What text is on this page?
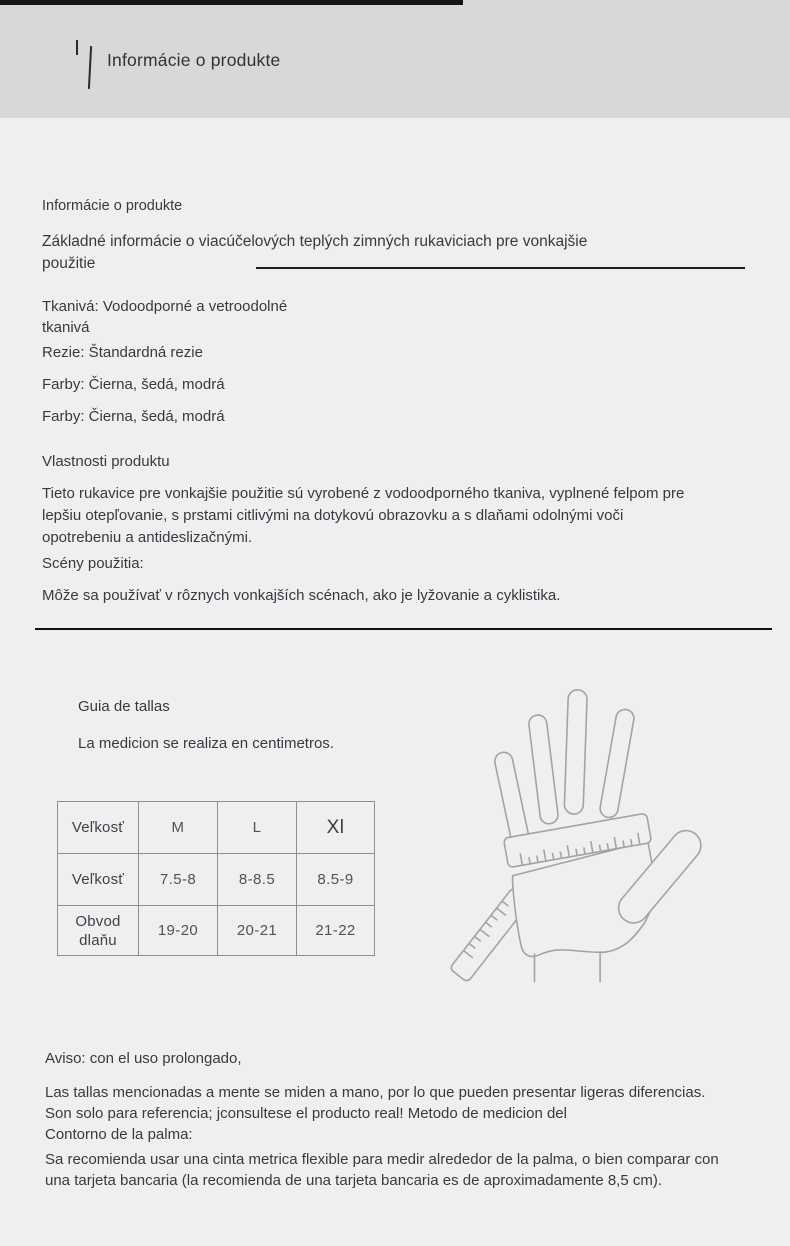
Informácie o produkte
Informácie o produkte
Základné informácie o viacúčelových teplých zimných rukaviciach pre vonkajšie
použitie
Tkanivá: Vodoodporné a vetroodolné
tkanivá
Rezie: Štandardná rezie
Farby: Čierna, šedá, modrá
Farby: Čierna, šedá, modrá
Vlastnosti produktu
Tieto rukavice pre vonkajšie použitie sú vyrobené z vodoodporného tkaniva, vyplnené felpom pre
lepšiu otepľovanie, s prstami citlivými na dotykovú obrazovku a s dlaňami odolnými voči
opotrebeniu a antideslizačnými.
Scény použitia:
Môže sa používať v rôznych vonkajších scénach, ako je lyžovanie a cyklistika.
Guia de tallas
La medicion se realiza en centimetros.
Veľkosť	M	L	Xl
Veľkosť	7.5-8	8-8.5	8.5-9
Obvod dlaňu	19-20	20-21	21-22
Aviso: con el uso prolongado,
Las tallas mencionadas a mente se miden a mano, por lo que pueden presentar ligeras diferencias.
Son solo para referencia; jconsultese el producto real! Metodo de medicion del
Contorno de la palma:
Sa recomienda usar una cinta metrica flexible para medir alrededor de la palma, o bien comparar con
una tarjeta bancaria (la recomienda de una tarjeta bancaria es de aproximadamente 8,5 cm).
